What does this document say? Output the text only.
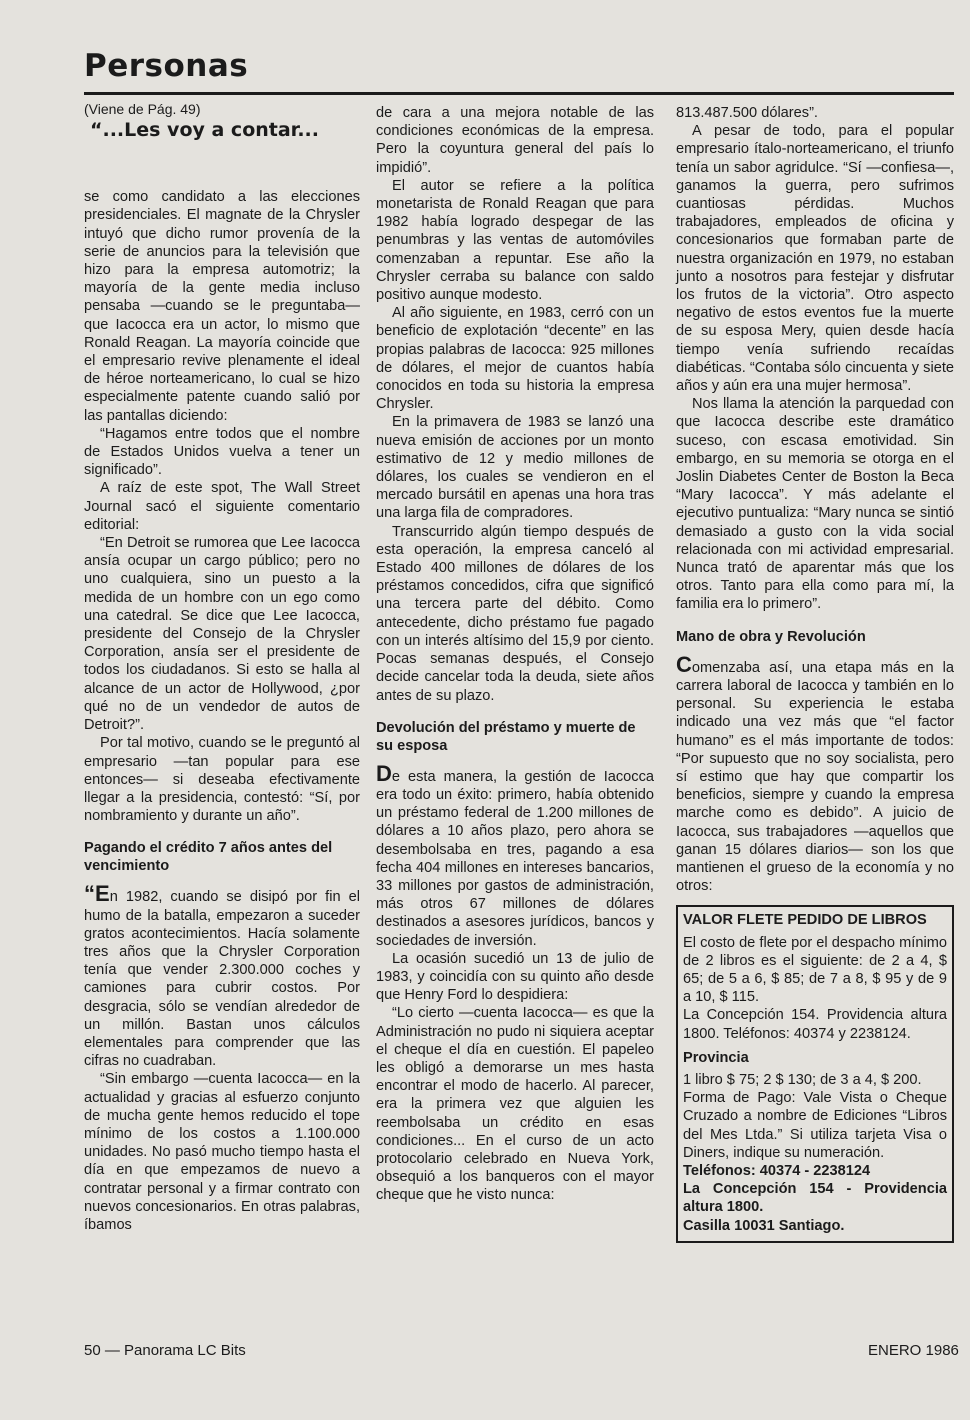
Personas

(Viene de Pág. 49)

“...Les voy a contar...

se como candidato a las elecciones presidenciales. El magnate de la Chrysler intuyó que dicho rumor provenía de la serie de anuncios para la televisión que hizo para la empresa automotriz; la mayoría de la gente media incluso pensaba —cuando se le preguntaba— que Iacocca era un actor, lo mismo que Ronald Reagan. La mayoría coincide que el empresario revive plenamente el ideal de héroe norteamericano, lo cual se hizo especialmente patente cuando salió por las pantallas diciendo:

“Hagamos entre todos que el nombre de Estados Unidos vuelva a tener un significado”.

A raíz de este spot, The Wall Street Journal sacó el siguiente comentario editorial:

“En Detroit se rumorea que Lee Iacocca ansía ocupar un cargo público; pero no uno cualquiera, sino un puesto a la medida de un hombre con un ego como una catedral. Se dice que Lee Iacocca, presidente del Consejo de la Chrysler Corporation, ansía ser el presidente de todos los ciudadanos. Si esto se halla al alcance de un actor de Hollywood, ¿por qué no de un vendedor de autos de Detroit?”.

Por tal motivo, cuando se le preguntó al empresario —tan popular para ese entonces— si deseaba efectivamente llegar a la presidencia, contestó: “Sí, por nombramiento y durante un año”.

Pagando el crédito 7 años antes del vencimiento

“En 1982, cuando se disipó por fin el humo de la batalla, empezaron a suceder gratos acontecimientos. Hacía solamente tres años que la Chrysler Corporation tenía que vender 2.300.000 coches y camiones para cubrir costos. Por desgracia, sólo se vendían alrededor de un millón. Bastan unos cálculos elementales para comprender que las cifras no cuadraban.

“Sin embargo —cuenta Iacocca— en la actualidad y gracias al esfuerzo conjunto de mucha gente hemos reducido el tope mínimo de los costos a 1.100.000 unidades. No pasó mucho tiempo hasta el día en que empezamos de nuevo a contratar personal y a firmar contrato con nuevos concesionarios. En otras palabras, íbamos

de cara a una mejora notable de las condiciones económicas de la empresa. Pero la coyuntura general del país lo impidió”.

El autor se refiere a la política monetarista de Ronald Reagan que para 1982 había logrado despegar de las penumbras y las ventas de automóviles comenzaban a repuntar. Ese año la Chrysler cerraba su balance con saldo positivo aunque modesto.

Al año siguiente, en 1983, cerró con un beneficio de explotación “decente” en las propias palabras de Iacocca: 925 millones de dólares, el mejor de cuantos había conocidos en toda su historia la empresa Chrysler.

En la primavera de 1983 se lanzó una nueva emisión de acciones por un monto estimativo de 12 y medio millones de dólares, los cuales se vendieron en el mercado bursátil en apenas una hora tras una larga fila de compradores.

Transcurrido algún tiempo después de esta operación, la empresa canceló al Estado 400 millones de dólares de los préstamos concedidos, cifra que significó una tercera parte del débito. Como antecedente, dicho préstamo fue pagado con un interés altísimo del 15,9 por ciento. Pocas semanas después, el Consejo decide cancelar toda la deuda, siete años antes de su plazo.

Devolución del préstamo y muerte de su esposa

De esta manera, la gestión de Iacocca era todo un éxito: primero, había obtenido un préstamo federal de 1.200 millones de dólares a 10 años plazo, pero ahora se desembolsaba en tres, pagando a esa fecha 404 millones en intereses bancarios, 33 millones por gastos de administración, más otros 67 millones de dólares destinados a asesores jurídicos, bancos y sociedades de inversión.

La ocasión sucedió un 13 de julio de 1983, y coincidía con su quinto año desde que Henry Ford lo despidiera:

“Lo cierto —cuenta Iacocca— es que la Administración no pudo ni siquiera aceptar el cheque el día en cuestión. El papeleo les obligó a demorarse un mes hasta encontrar el modo de hacerlo. Al parecer, era la primera vez que alguien les reembolsaba un crédito en esas condiciones... En el curso de un acto protocolario celebrado en Nueva York, obsequió a los banqueros con el mayor cheque que he visto nunca:

813.487.500 dólares”.

A pesar de todo, para el popular empresario ítalo-norteamericano, el triunfo tenía un sabor agridulce. “Sí —confiesa—, ganamos la guerra, pero sufrimos cuantiosas pérdidas. Muchos trabajadores, empleados de oficina y concesionarios que formaban parte de nuestra organización en 1979, no estaban junto a nosotros para festejar y disfrutar los frutos de la victoria”. Otro aspecto negativo de estos eventos fue la muerte de su esposa Mery, quien desde hacía tiempo venía sufriendo recaídas diabéticas. “Contaba sólo cincuenta y siete años y aún era una mujer hermosa”.

Nos llama la atención la parquedad con que Iacocca describe este dramático suceso, con escasa emotividad. Sin embargo, en su memoria se otorga en el Joslin Diabetes Center de Boston la Beca “Mary Iacocca”. Y más adelante el ejecutivo puntualiza: “Mary nunca se sintió demasiado a gusto con la vida social relacionada con mi actividad empresarial. Nunca trató de aparentar más que los otros. Tanto para ella como para mí, la familia era lo primero”.

Mano de obra y Revolución

Comenzaba así, una etapa más en la carrera laboral de Iacocca y también en lo personal. Su experiencia le estaba indicado una vez más que “el factor humano” es el más importante de todos: “Por supuesto que no soy socialista, pero sí estimo que hay que compartir los beneficios, siempre y cuando la empresa marche como es debido”. A juicio de Iacocca, sus trabajadores —aquellos que ganan 15 dólares diarios— son los que mantienen el grueso de la economía y no otros:

VALOR FLETE PEDIDO DE LIBROS

El costo de flete por el despacho mínimo de 2 libros es el siguiente: de 2 a 4, $ 65; de 5 a 6, $ 85; de 7 a 8, $ 95 y de 9 a 10, $ 115.

La Concepción 154. Providencia altura 1800. Teléfonos: 40374 y 2238124.

Provincia

1 libro $ 75; 2 $ 130; de 3 a 4, $ 200.

Forma de Pago: Vale Vista o Cheque Cruzado a nombre de Ediciones “Libros del Mes Ltda.” Si utiliza tarjeta Visa o Diners, indique su numeración.

Teléfonos: 40374 - 2238124

La Concepción 154 - Providencia altura 1800.

Casilla 10031 Santiago.

50 — Panorama LC Bits	ENERO 1986
